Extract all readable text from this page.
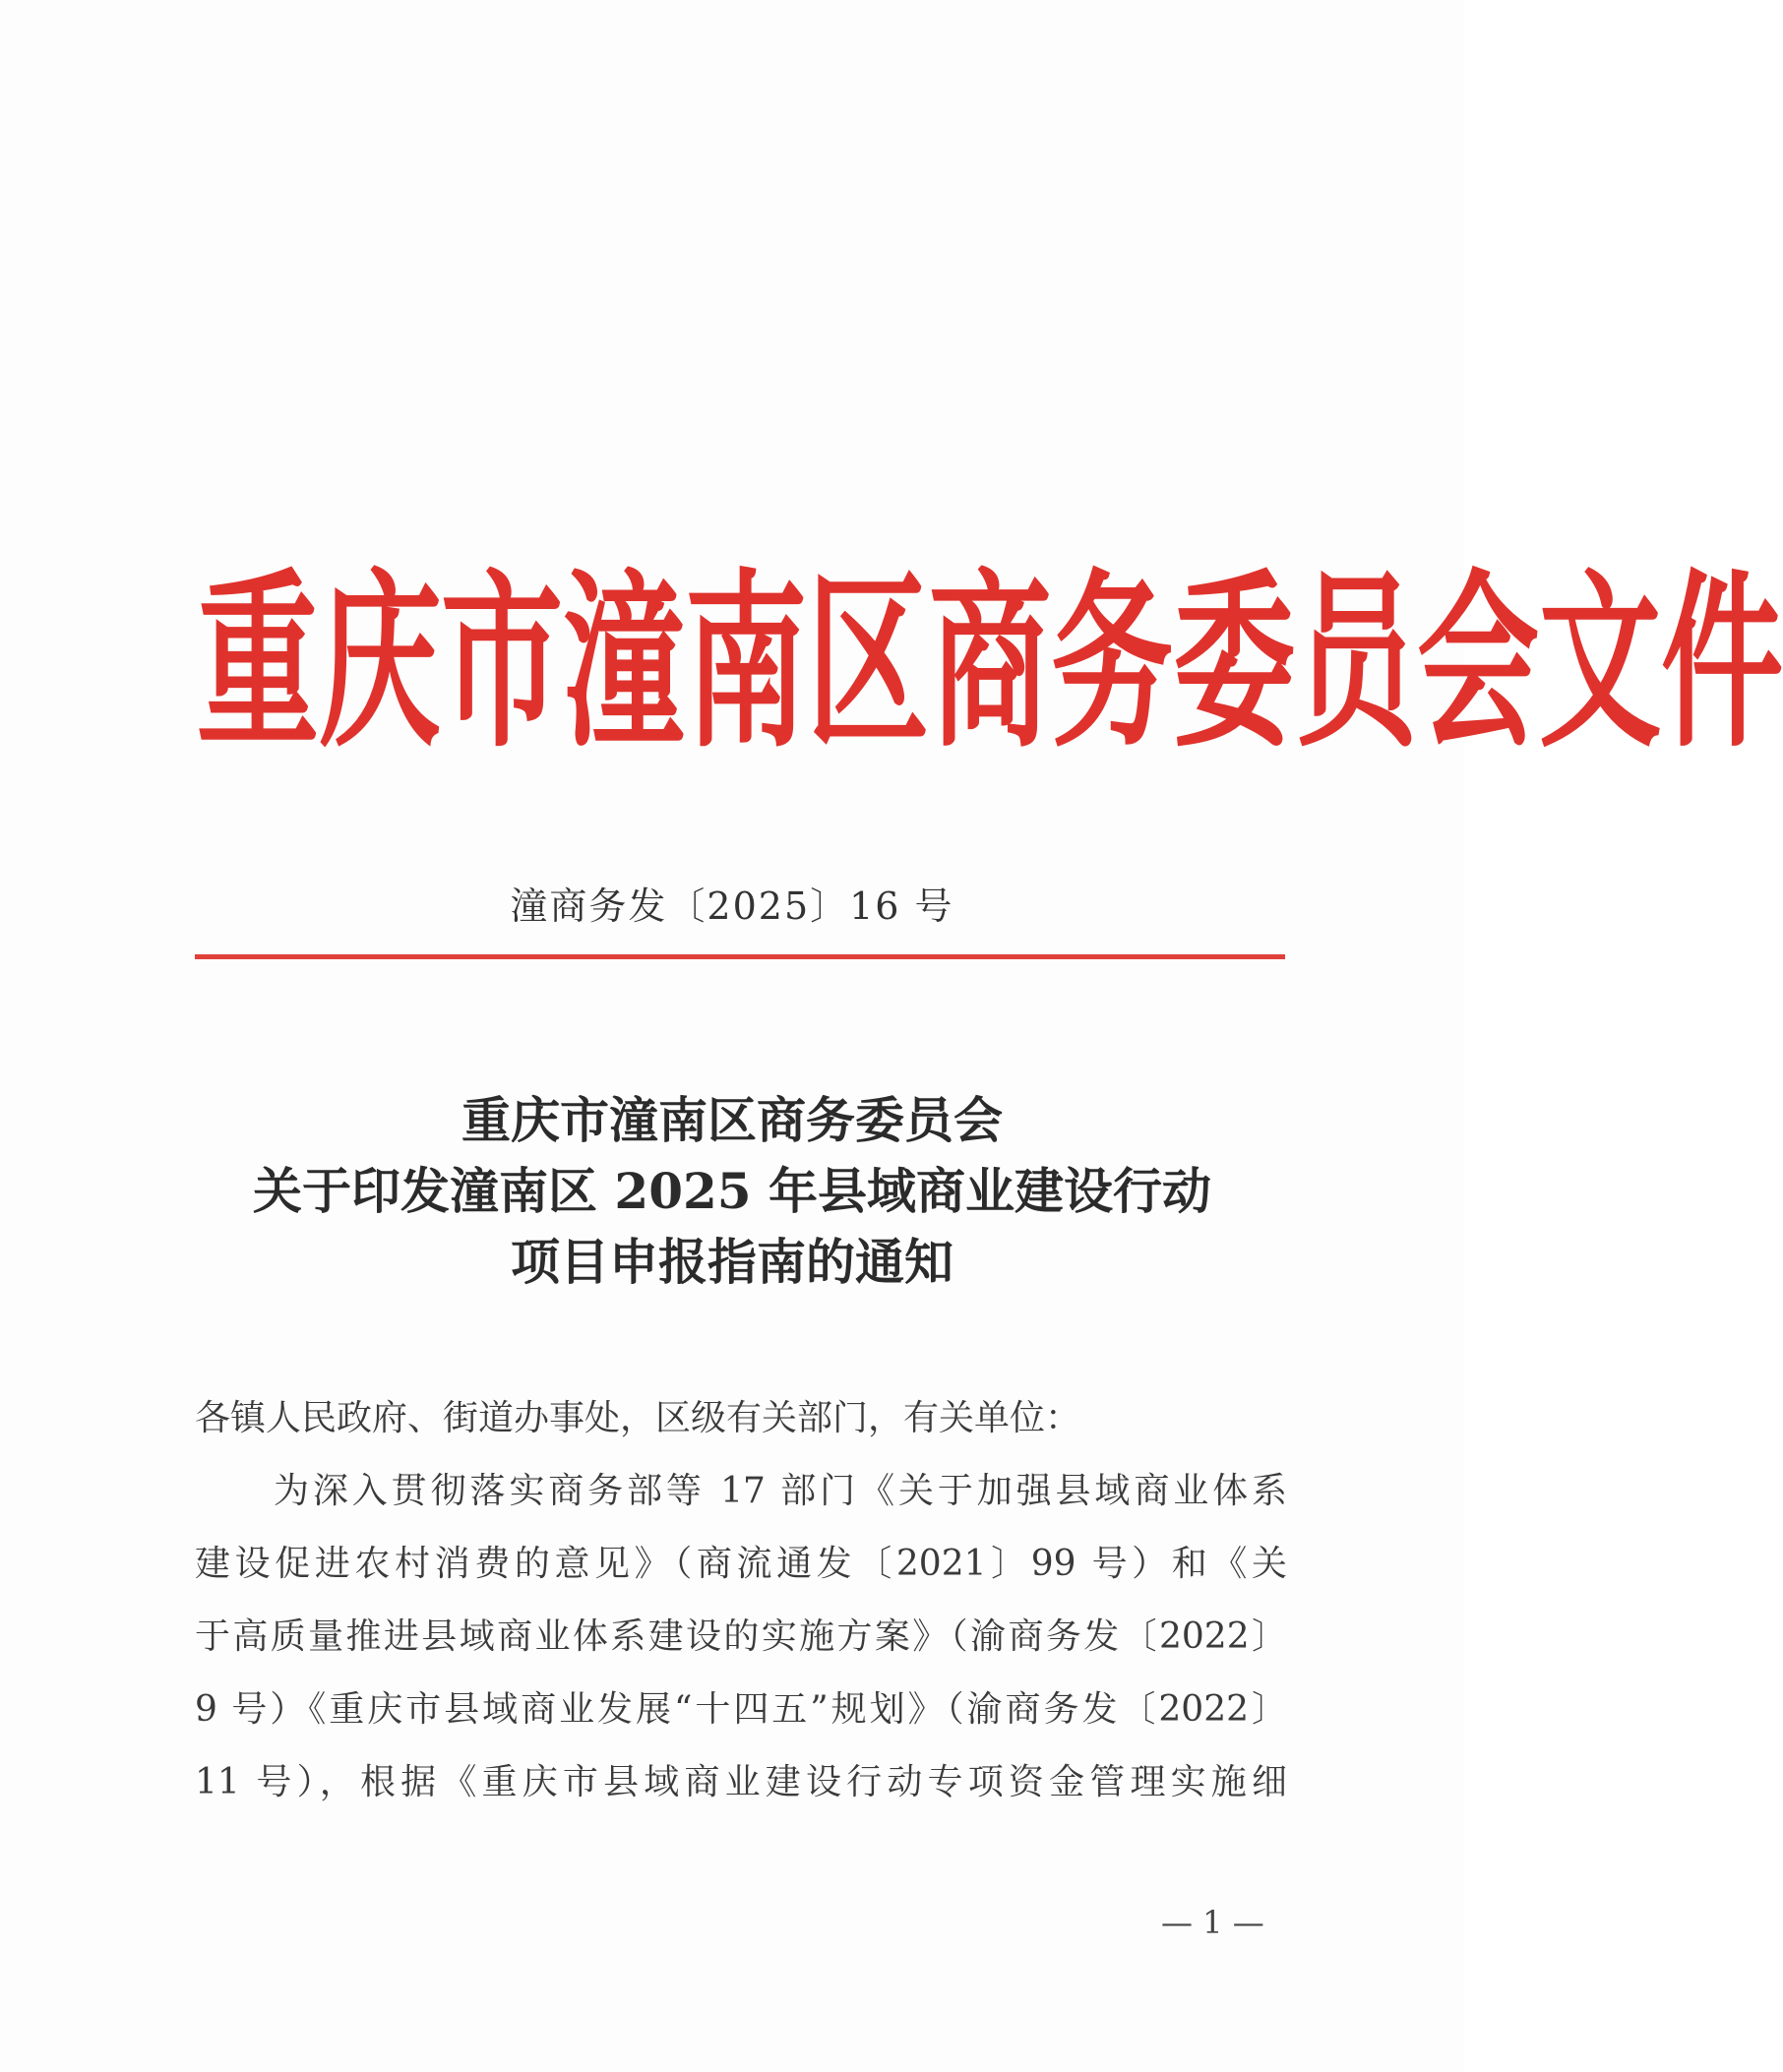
重 庆 市 潼 南 区 商 务 委 员 会 文 件
潼商务发〔2025〕16 号
重庆市潼南区商务委员会
关于印发潼南区 2025 年县域商业建设行动
项目申报指南的通知
各镇人民政府、街道办事处，区级有关部门，有关单位：
为深入贯彻落实商务部等 17 部门《关于加强县域商业体系
建设促进农村消费的意见》（商流通发〔2021〕99 号）和《关
于高质量推进县域商业体系建设的实施方案》（渝商务发〔2022〕
9 号）《重庆市县域商业发展“十四五”规划》（渝商务发〔2022〕
11 号），根据《重庆市县域商业建设行动专项资金管理实施细
— 1 —
